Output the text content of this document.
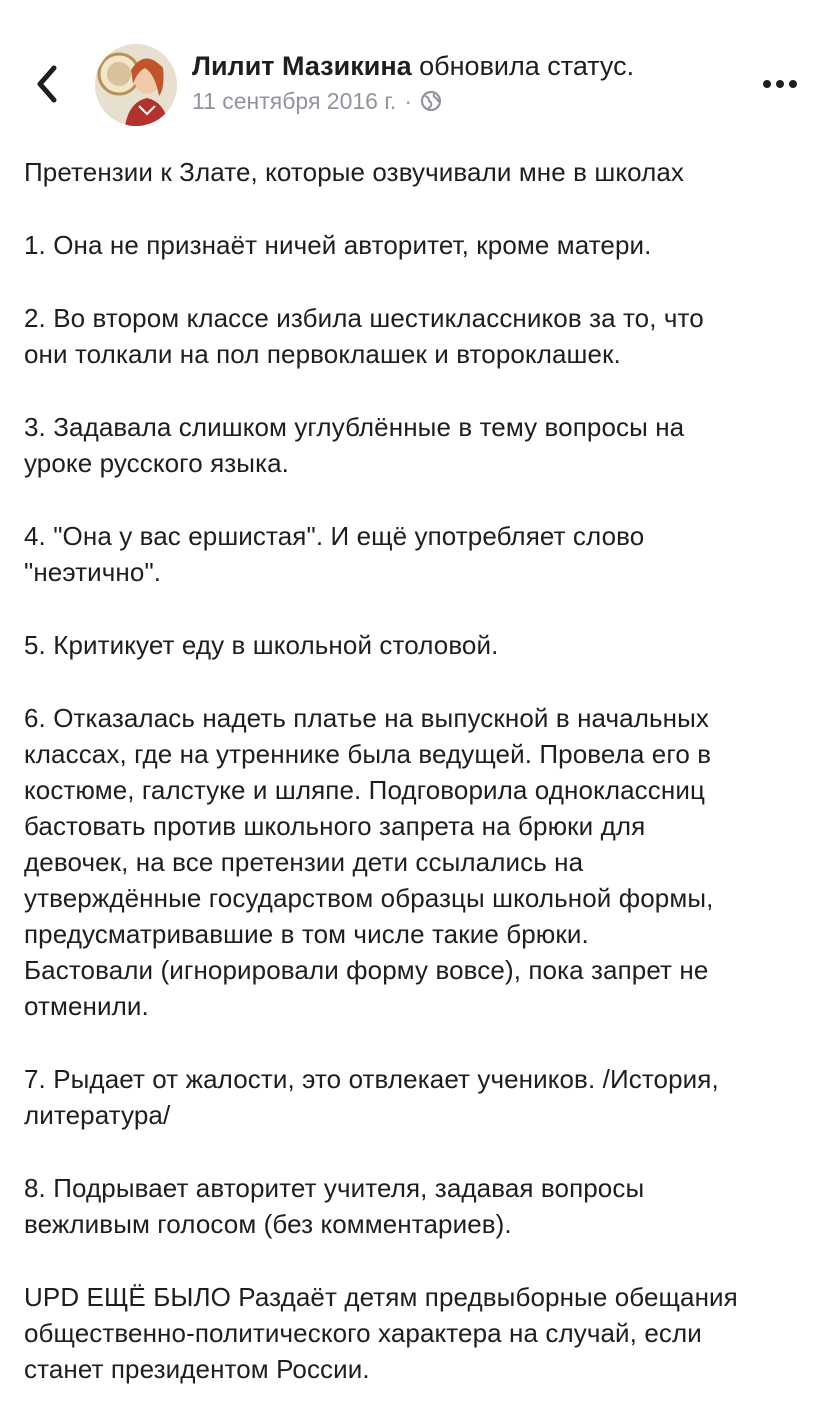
Лилит Мазикина обновила статус.
11 сентября 2016 г. ·

Претензии к Злате, которые озвучивали мне в школах

1. Она не признаёт ничей авторитет, кроме матери.

2. Во втором классе избила шестиклассников за то, что
они толкали на пол первоклашек и второклашек.

3. Задавала слишком углублённые в тему вопросы на
уроке русского языка.

4. "Она у вас ершистая". И ещё употребляет слово
"неэтично".

5. Критикует еду в школьной столовой.

6. Отказалась надеть платье на выпускной в начальных
классах, где на утреннике была ведущей. Провела его в
костюме, галстуке и шляпе. Подговорила одноклассниц
бастовать против школьного запрета на брюки для
девочек, на все претензии дети ссылались на
утверждённые государством образцы школьной формы,
предусматривавшие в том числе такие брюки.
Бастовали (игнорировали форму вовсе), пока запрет не
отменили.

7. Рыдает от жалости, это отвлекает учеников. /История,
литература/

8. Подрывает авторитет учителя, задавая вопросы
вежливым голосом (без комментариев).

UPD ЕЩЁ БЫЛО Раздаёт детям предвыборные обещания
общественно-политического характера на случай, если
станет президентом России.
